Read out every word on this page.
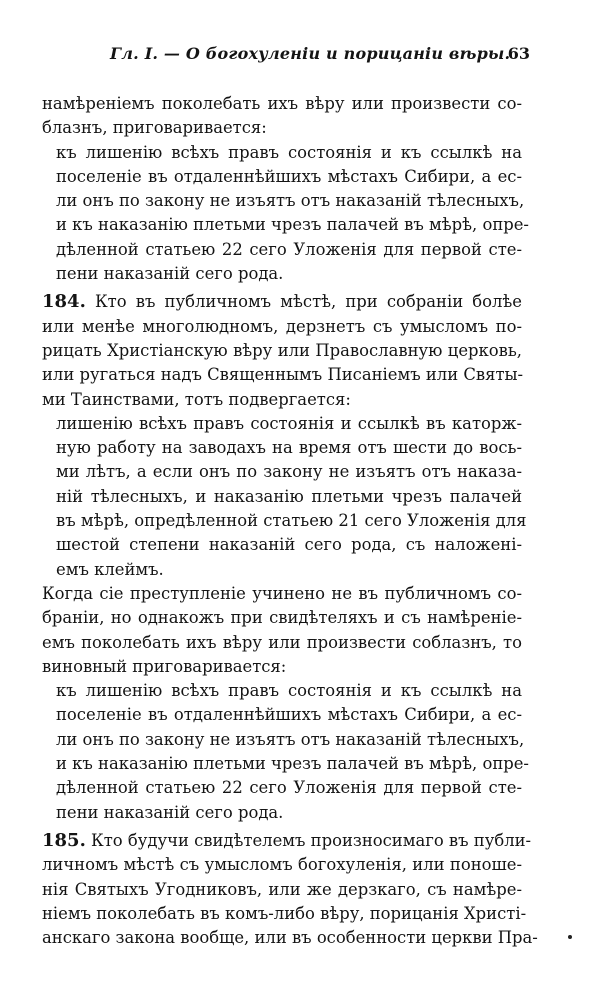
Гл. І. — О богохуленіи и порицаніи вѣры.
63
намѣреніемъ поколебать ихъ вѣру или произвести со-
блазнъ, приговаривается:
къ лишенію всѣхъ правъ состоянія и къ ссылкѣ на
поселеніе въ отдаленнѣйшихъ мѣстахъ Сибири, а ес-
ли онъ по закону не изъятъ отъ наказаній тѣлесныхъ,
и къ наказанію плетьми чрезъ палачей въ мѣрѣ, опре-
дѣленной статьею 22 сего Уложенія для первой сте-
пени наказаній сего рода.
184. Кто въ публичномъ мѣстѣ, при собраніи болѣе
или менѣе многолюдномъ, дерзнетъ съ умысломъ по-
рицать Христіанскую вѣру или Православную церковь,
или ругаться надъ Священнымъ Писаніемъ или Святы-
ми Таинствами, тотъ подвергается:
лишенію всѣхъ правъ состоянія и ссылкѣ въ каторж-
ную работу на заводахъ на время отъ шести до вось-
ми лѣтъ, а если онъ по закону не изъятъ отъ наказа-
ній тѣлесныхъ, и наказанію плетьми чрезъ палачей
въ мѣрѣ, опредѣленной статьею 21 сего Уложенія для
шестой степени наказаній сего рода, съ наложені-
емъ клеймъ.
Когда сіе преступленіе учинено не въ публичномъ со-
браніи, но однакожъ при свидѣтеляхъ и съ намѣреніе-
емъ поколебать ихъ вѣру или произвести соблазнъ, то
виновный приговаривается:
къ лишенію всѣхъ правъ состоянія и къ ссылкѣ на
поселеніе въ отдаленнѣйшихъ мѣстахъ Сибири, а ес-
ли онъ по закону не изъятъ отъ наказаній тѣлесныхъ,
и къ наказанію плетьми чрезъ палачей въ мѣрѣ, опре-
дѣленной статьею 22 сего Уложенія для первой сте-
пени наказаній сего рода.
185. Кто будучи свидѣтелемъ произносимаго въ публи-
личномъ мѣстѣ съ умысломъ богохуленія, или поноше-
нія Святыхъ Угодниковъ, или же дерзкаго, съ намѣре-
ніемъ поколебать въ комъ-либо вѣру, порицанія Христі-
анскаго закона вообще, или въ особенности церкви Пра-
